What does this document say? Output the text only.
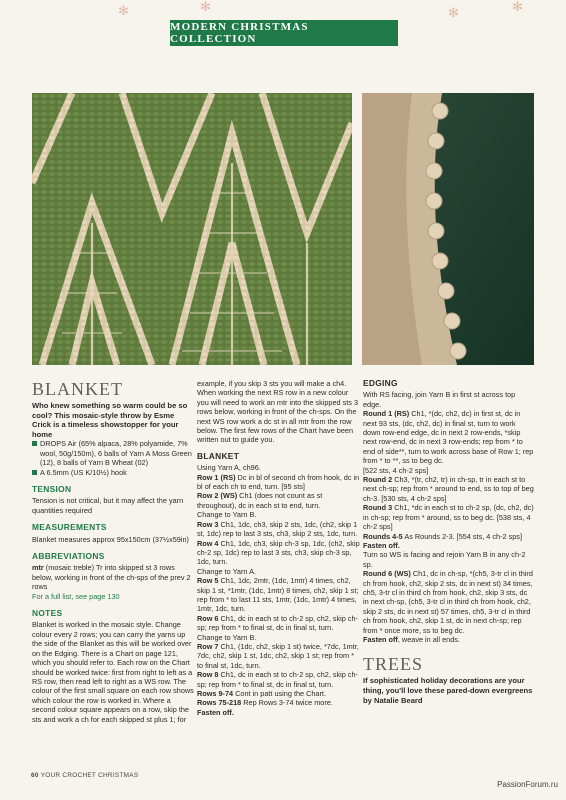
✻	✻	✻	✻
MODERN CHRISTMAS COLLECTION
BLANKET

Who knew something so warm could be so cool? This mosaic-style throw by Esme Crick is a timeless showstopper for your home

DROPS Air (65% alpaca, 28% polyamide, 7% wool, 50g/150m), 6 balls of Yarn A Moss Green (12), 8 balls of Yarn B Wheat (02)

A 6.5mm (US K/10½) hook

TENSION

Tension is not critical, but it may affect the yarn quantities required

MEASUREMENTS

Blanket measures approx 95x150cm (37½x59in)

ABBREVIATIONS

mtr (mosaic treble) Tr into skipped st 3 rows below, working in front of the ch-sps of the prev 2 rows

For a full list, see page 130

NOTES

Blanket is worked in the mosaic style. Change colour every 2 rows; you can carry the yarns up the side of the Blanket as this will be worked over on the Edging. There is a Chart on page 121, which you should refer to. Each row on the Chart should be worked twice: first from right to left as a RS row, then read left to right as a WS row. The colour of the first small square on each row shows which colour the row is worked in. Where a second colour square appears on a row, skip the sts and work a ch for each skipped st plus 1; for

example, if you skip 3 sts you will make a ch4. When working the next RS row in a new colour you will need to work an mtr into the skipped sts 3 rows below, working in front of the ch-sps. On the next WS row work a dc st in all mtr from the row below. The first few rows of the Chart have been written out to guide you.

BLANKET

Using Yarn A, ch96.

Row 1 (RS) Dc in bl of second ch from hook, dc in bl of each ch to end, turn. [95 sts]

Row 2 (WS) Ch1 (does not count as st throughout), dc in each st to end, turn.

Change to Yarn B.

Row 3 Ch1, 1dc, ch3, skip 2 sts, 1dc, (ch2, skip 1 st, 1dc) rep to last 3 sts, ch3, skip 2 sts, 1dc, turn.

Row 4 Ch1, 1dc, ch3, skip ch-3 sp, 1dc, (ch2, skip ch-2 sp, 1dc) rep to last 3 sts, ch3, skip ch-3 sp, 1dc, turn.

Change to Yarn A.

Row 5 Ch1, 1dc, 2mtr, (1dc, 1mtr) 4 times, ch2, skip 1 st, *1mtr, (1dc, 1mtr) 8 times, ch2, skip 1 st; rep from * to last 11 sts, 1mtr, (1dc, 1mtr) 4 times, 1mtr, 1dc, turn.

Row 6 Ch1, dc in each st to ch-2 sp, ch2, skip ch-sp; rep from * to final st, dc in final st, turn.

Change to Yarn B.

Row 7 Ch1, (1dc, ch2, skip 1 st) twice, *7dc, 1mtr, 7dc, ch2, skip 1 st, 1dc, ch2, skip 1 st; rep from * to final st, 1dc, turn.

Row 8 Ch1, dc in each st to ch-2 sp, ch2, skip ch-sp; rep from * to final st, dc in final st, turn.

Rows 9-74 Cont in patt using the Chart.

Rows 75-218 Rep Rows 3-74 twice more.

Fasten off.

EDGING

With RS facing, join Yarn B in first st across top edge.

Round 1 (RS) Ch1, *(dc, ch2, dc) in first st, dc in next 93 sts, (dc, ch2, dc) in final st, turn to work down row-end edge, dc in next 2 row-ends, *skip next row-end, dc in next 3 row-ends; rep from * to end of side**, turn to work across base of Row 1; rep from * to **, ss to beg dc.

[522 sts, 4 ch-2 sps]

Round 2 Ch3, *(tr, ch2, tr) in ch-sp, tr in each st to next ch-sp; rep from * around to end, ss to top of beg ch-3. [530 sts, 4 ch-2 sps]

Round 3 Ch1, *dc in each st to ch-2 sp, (dc, ch2, dc) in ch-sp; rep from * around, ss to beg dc. [538 sts, 4 ch-2 sps]

Rounds 4-5 As Rounds 2-3. [554 sts, 4 ch-2 sps]

Fasten off.

Turn so WS is facing and rejoin Yarn B in any ch-2 sp.

Round 6 (WS) Ch1, dc in ch-sp, *(ch5, 3-tr cl in third ch from hook, ch2, skip 2 sts, dc in next st) 34 times, ch5, 3-tr cl in third ch from hook, ch2, skip 3 sts, dc in next ch-sp, (ch5, 3-tr cl in third ch from hook, ch2, skip 2 sts, dc in next st) 57 times, ch5, 3-tr cl in third ch from hook, ch2, skip 1 st, dc in next ch-sp; rep from * once more, ss to beg dc.

Fasten off, weave in all ends.

TREES

If sophisticated holiday decorations are your thing, you'll love these pared-down evergreens by Natalie Beard

60 YOUR CROCHET CHRISTMAS
PassionForum.ru
